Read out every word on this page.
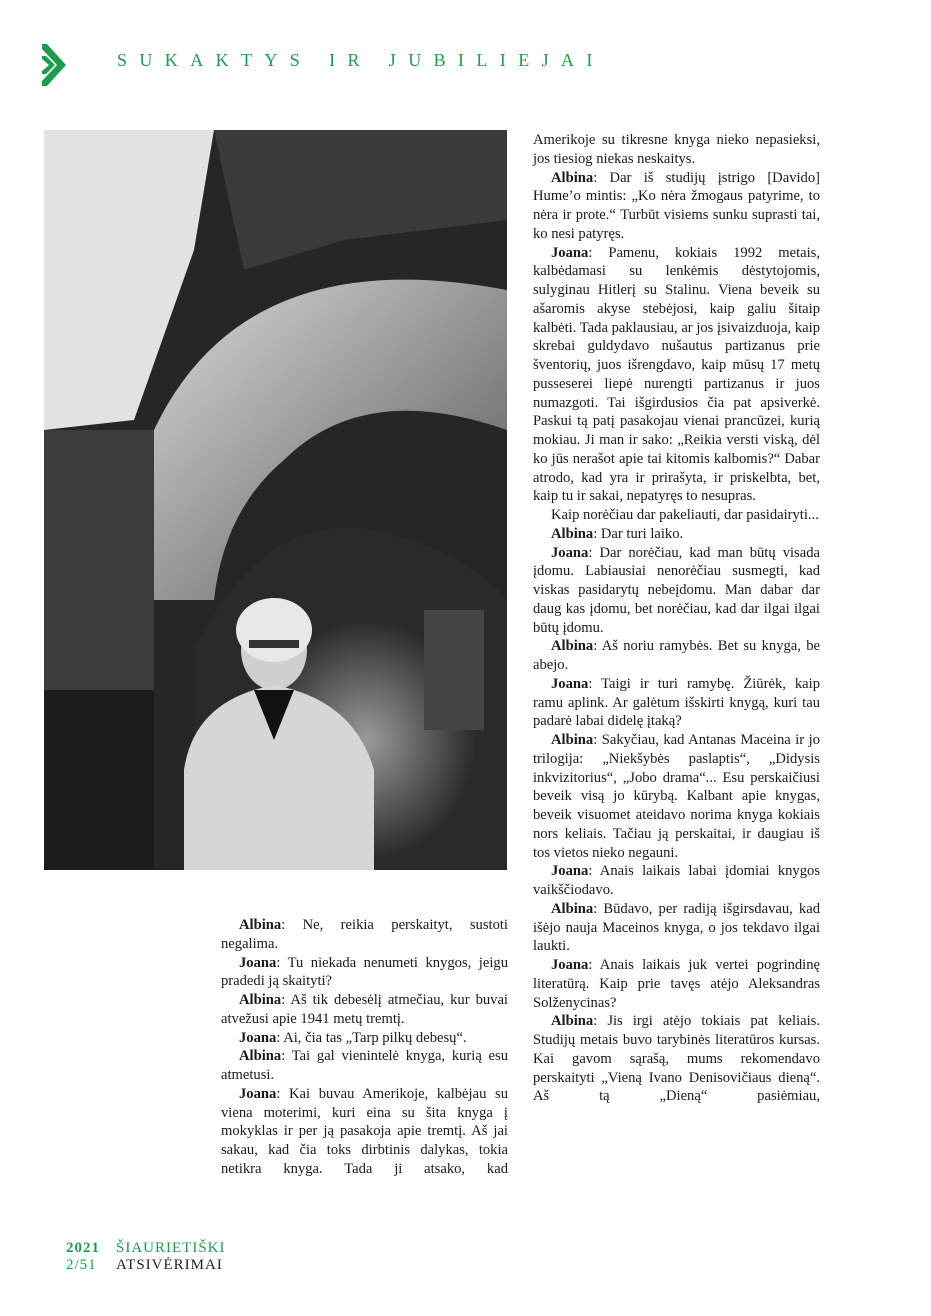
SUKAKTYS IR JUBILIEJAI

Albina: Ne, reikia perskaityt, sustoti negalima.

Joana: Tu niekada nenumeti knygos, jeigu pradedi ją skaityti?

Albina: Aš tik debesėlį atmečiau, kur buvai atvežusi apie 1941 metų tremtį.

Joana: Ai, čia tas „Tarp pilkų debesų“.

Albina: Tai gal vienintelė knyga, kurią esu atmetusi.

Joana: Kai buvau Amerikoje, kalbėjau su viena moterimi, kuri eina su šita knyga į mokyklas ir per ją pasakoja apie tremtį. Aš jai sakau, kad čia toks dirbtinis dalykas, tokia netikra knyga. Tada ji atsako, kad

Amerikoje su tikresne knyga nieko nepasieksi, jos tiesiog niekas neskaitys.

Albina: Dar iš studijų įstrigo [Davido] Hume’o mintis: „Ko nėra žmogaus patyrime, to nėra ir protе.“ Turbūt visiems sunku suprasti tai, ko nesi patyręs.

Joana: Pamenu, kokiais 1992 metais, kalbėdamasi su lenkėmis dėstytojomis, sulyginau Hitlerį su Stalinu. Viena beveik su ašaromis akyse stebėjosi, kaip galiu šitaip kalbėti. Tada paklausiau, ar jos įsivaizduoja, kaip skrebai guldydavo nušautus partizanus prie šventorių, juos išrengdavo, kaip mūsų 17 metų pusseserei liepė nurengti partizanus ir juos numazgoti. Tai išgirdusios čia pat apsiverkė. Paskui tą patį pasakojau vienai prancūzei, kurią mokiau. Ji man ir sako: „Reikia versti viską, dėl ko jūs nerašot apie tai kitomis kalbomis?“ Dabar atrodo, kad yra ir prirašyta, ir priskelbta, bet, kaip tu ir sakai, nepatyręs to nesupras.

Kaip norėčiau dar pakeliauti, dar pasidairyti...

Albina: Dar turi laiko.

Joana: Dar norėčiau, kad man būtų visada įdomu. Labiausiai nenorėčiau susmegti, kad viskas pasidarytų nebeįdomu. Man dabar dar daug kas įdomu, bet norėčiau, kad dar ilgai ilgai būtų įdomu.

Albina: Aš noriu ramybės. Bet su knyga, be abejo.

Joana: Taigi ir turi ramybę. Žiūrėk, kaip ramu aplink. Ar galėtum išskirti knygą, kuri tau padarė labai didelę įtaką?

Albina: Sakyčiau, kad Antanas Maceina ir jo trilogija: „Niekšybės paslaptis“, „Didysis inkvizitorius“, „Jobo drama“... Esu perskaičiusi beveik visą jo kūrybą. Kalbant apie knygas, beveik visuomet ateidavo norima knyga kokiais nors keliais. Tačiau ją perskaitai, ir daugiau iš tos vietos nieko negauni.

Joana: Anais laikais labai įdomiai knygos vaikščiodavo.

Albina: Būdavo, per radiją išgirsdavau, kad išėjo nauja Maceinos knyga, o jos tekdavo ilgai laukti.

Joana: Anais laikais juk vertei pogrindinę literatūrą. Kaip prie tavęs atėjo Aleksandras Solženycinas?

Albina: Jis irgi atėjo tokiais pat keliais. Studijų metais buvo tarybinės literatūros kursas. Kai gavom sąrašą, mums rekomendavo perskaityti „Vieną Ivano Denisovičiaus dieną“. Aš tą „Dieną“ pasiėmiau,

2021 ŠIAURIETIŠKI
2/51 ATSIVĖRIMAI
